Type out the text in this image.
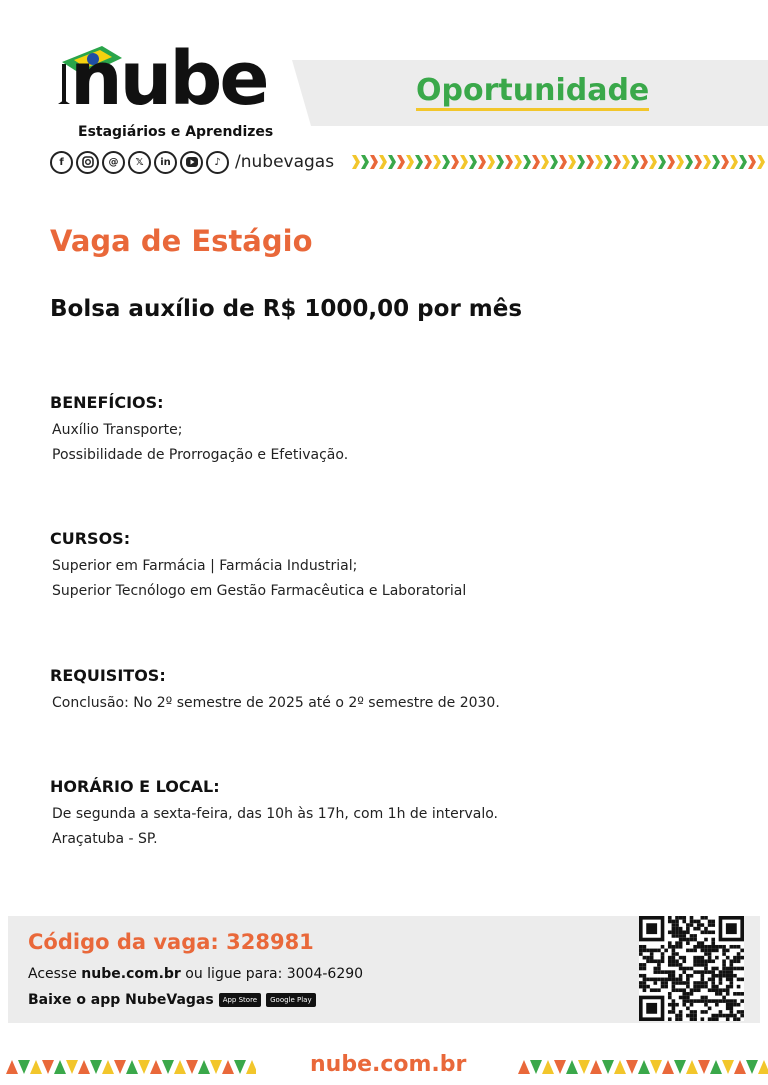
nube
Estagiários e Aprendizes
Oportunidade
f	@	𝕏	in	♪ /nubevagas
Vaga de Estágio
Bolsa auxílio de R$ 1000,00 por mês
BENEFÍCIOS:
Auxílio Transporte;
Possibilidade de Prorrogação e Efetivação.
CURSOS:
Superior em Farmácia | Farmácia Industrial;
Superior Tecnólogo em Gestão Farmacêutica e Laboratorial
REQUISITOS:
Conclusão: No 2º semestre de 2025 até o 2º semestre de 2030.
HORÁRIO E LOCAL:
De segunda a sexta-feira, das 10h às 17h, com 1h de intervalo.
Araçatuba - SP.
Código da vaga: 328981
Acesse nube.com.br ou ligue para: 3004-6290
Baixe o app NubeVagas App Store Google Play
nube.com.br
